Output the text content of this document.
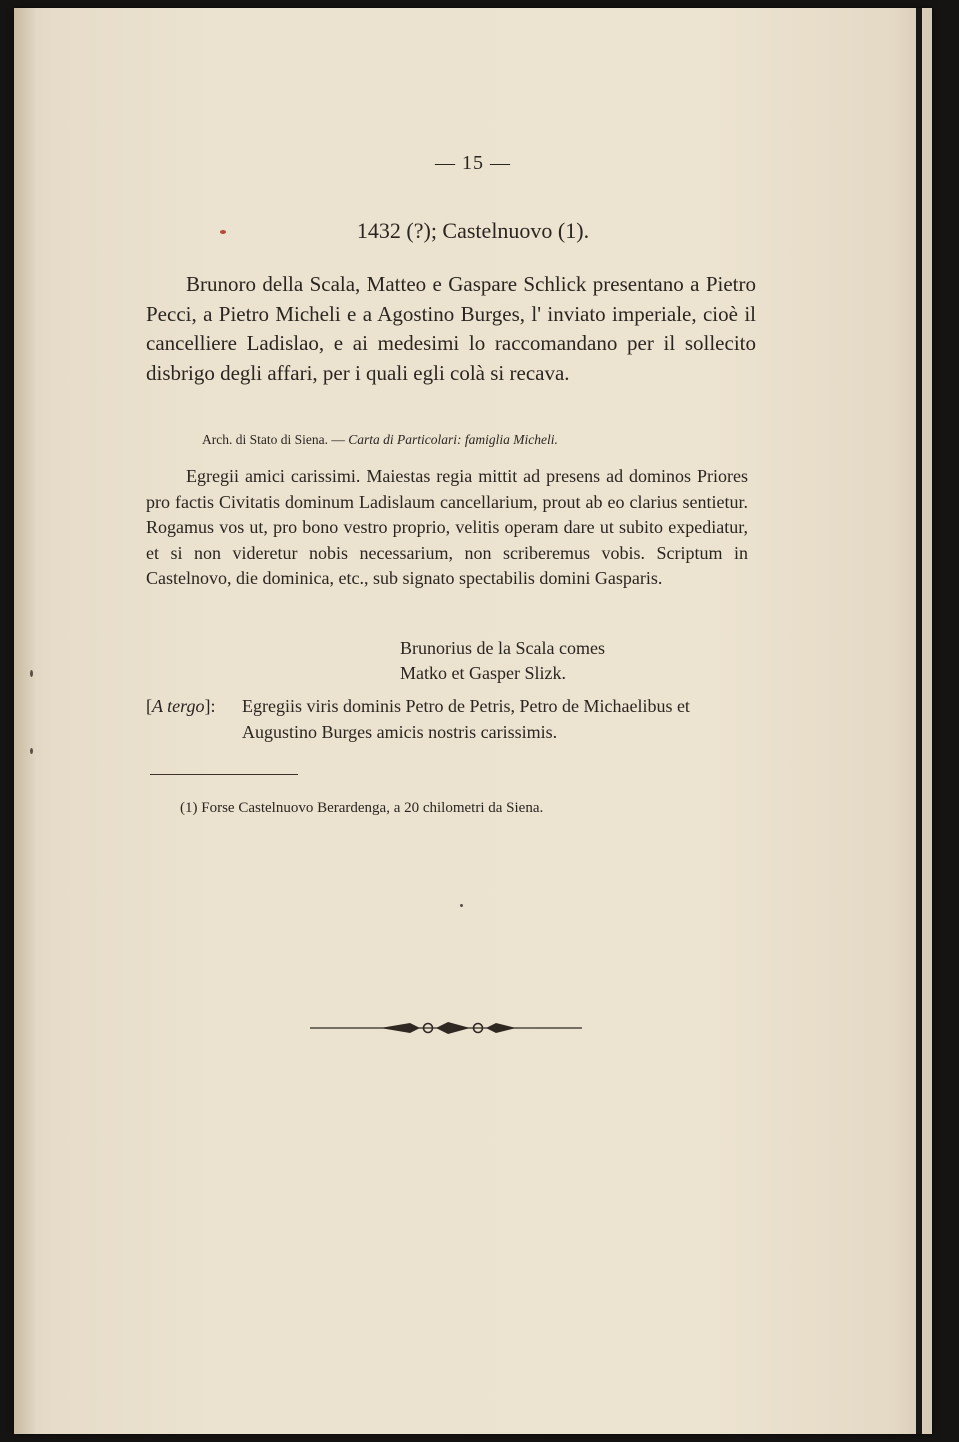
— 15 —
1432 (?); Castelnuovo (1).
Brunoro della Scala, Matteo e Gaspare Schlick presentano a Pietro Pecci, a Pietro Micheli e a Agostino Burges, l' inviato imperiale, cioè il cancelliere Ladislao, e ai medesimi lo raccomandano per il sollecito disbrigo degli affari, per i quali egli colà si recava.
Arch. di Stato di Siena. — Carta di Particolari: famiglia Micheli.
Egregii amici carissimi. Maiestas regia mittit ad presens ad dominos Priores pro factis Civitatis dominum Ladislaum cancellarium, prout ab eo clarius sentietur. Rogamus vos ut, pro bono vestro proprio, velitis operam dare ut subito expediatur, et si non videretur nobis necessarium, non scriberemus vobis. Scriptum in Castelnovo, die dominica, etc., sub signato spectabilis domini Gasparis.
Brunorius de la Scala comes
Matko et Gasper Slizk.
[A tergo]: Egregiis viris dominis Petro de Petris, Petro de Michaelibus et Augustino Burges amicis nostris carissimis.
(1) Forse Castelnuovo Berardenga, a 20 chilometri da Siena.
